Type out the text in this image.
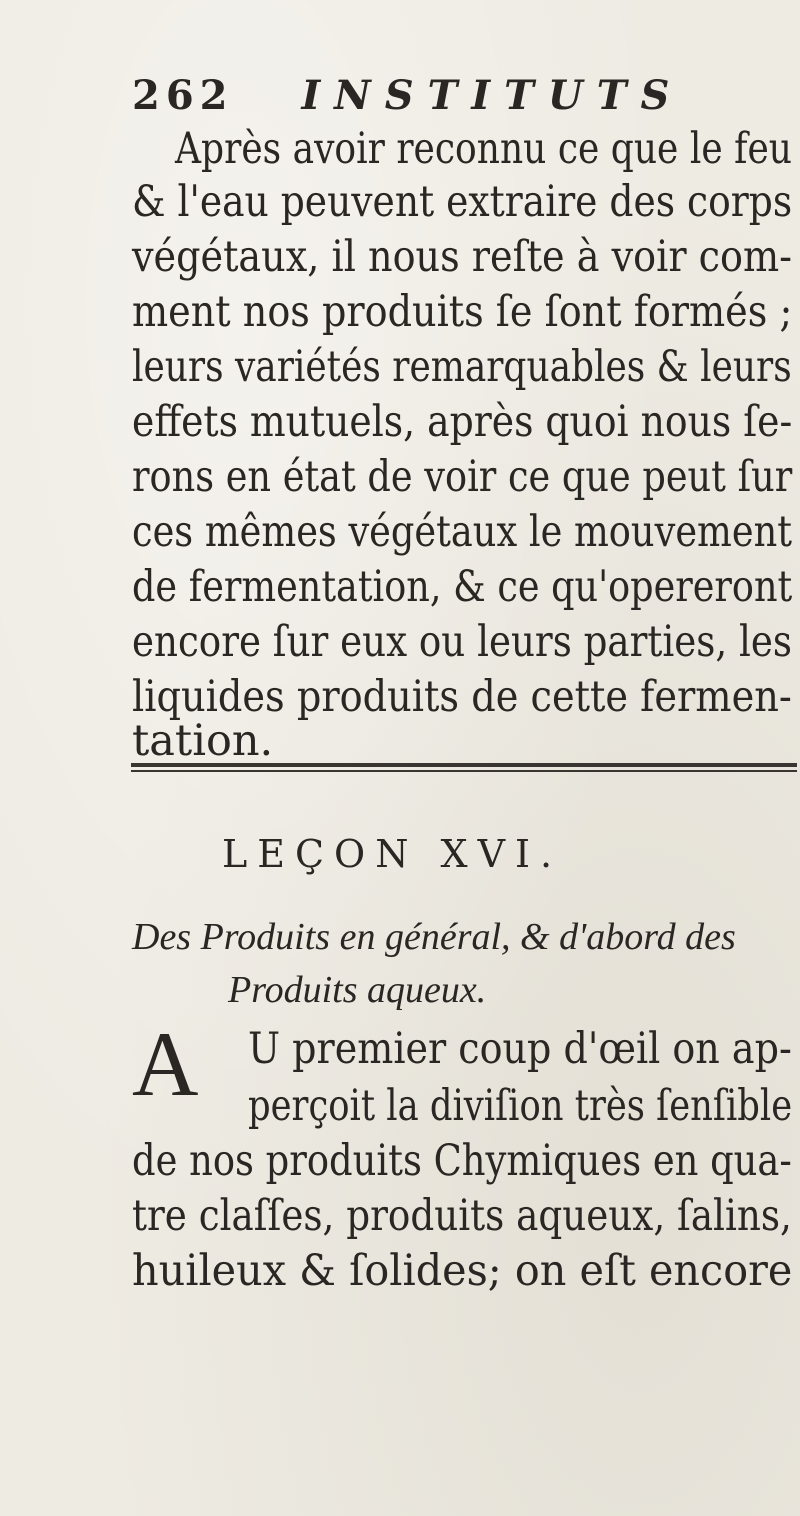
262 INSTITUTS
Après avoir reconnu ce que le feu
& l'eau peuvent extraire des corps
végétaux, il nous reſte à voir com-
ment nos produits ſe ſont formés ;
leurs variétés remarquables & leurs
effets mutuels, après quoi nous ſe-
rons en état de voir ce que peut ſur
ces mêmes végétaux le mouvement
de fermentation, & ce qu'opereront
encore ſur eux ou leurs parties, les
liquides produits de cette fermen-
tation.
LEÇON XVI.
Des Produits en général, & d'abord des
Produits aqueux.
A U premier coup d'œil on ap-
perçoit la diviſion très ſenſible
de nos produits Chymiques en qua-
tre claſſes, produits aqueux, ſalins,
huileux & ſolides; on eſt encore
